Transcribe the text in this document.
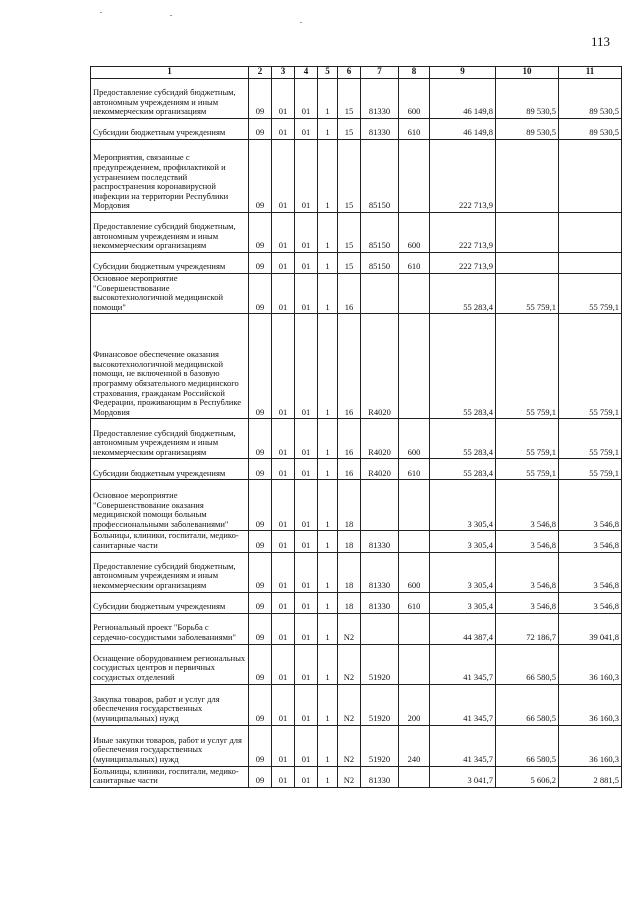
113
1	2	3	4	5	6	7	8	9	10	11
Предоставление субсидий бюджетным, автономным учреждениям и иным некоммерческим организациям	09	01	01	1	15	81330	600	46 149,8	89 530,5	89 530,5
Субсидии бюджетным учреждениям	09	01	01	1	15	81330	610	46 149,8	89 530,5	89 530,5
Мероприятия, связанные с предупреждением, профилактикой и устранением последствий распространения коронавирусной инфекции на территории Республики Мордовия	09	01	01	1	15	85150		222 713,9		
Предоставление субсидий бюджетным, автономным учреждениям и иным некоммерческим организациям	09	01	01	1	15	85150	600	222 713,9		
Субсидии бюджетным учреждениям	09	01	01	1	15	85150	610	222 713,9		
Основное мероприятие "Совершенствование высокотехнологичной медицинской помощи"	09	01	01	1	16			55 283,4	55 759,1	55 759,1
Финансовое обеспечение оказания высокотехнологичной медицинской помощи, не включенной в базовую программу обязательного медицинского страхования, гражданам Российской Федерации, проживающим в Республике Мордовия	09	01	01	1	16	R4020		55 283,4	55 759,1	55 759,1
Предоставление субсидий бюджетным, автономным учреждениям и иным некоммерческим организациям	09	01	01	1	16	R4020	600	55 283,4	55 759,1	55 759,1
Субсидии бюджетным учреждениям	09	01	01	1	16	R4020	610	55 283,4	55 759,1	55 759,1
Основное мероприятие "Совершенствование оказания медицинской помощи больным профессиональными заболеваниями"	09	01	01	1	18			3 305,4	3 546,8	3 546,8
Больницы, клиники, госпитали, медико-санитарные части	09	01	01	1	18	81330		3 305,4	3 546,8	3 546,8
Предоставление субсидий бюджетным, автономным учреждениям и иным некоммерческим организациям	09	01	01	1	18	81330	600	3 305,4	3 546,8	3 546,8
Субсидии бюджетным учреждениям	09	01	01	1	18	81330	610	3 305,4	3 546,8	3 546,8
Региональный проект "Борьба с сердечно-сосудистыми заболеваниями"	09	01	01	1	N2			44 387,4	72 186,7	39 041,8
Оснащение оборудованием региональных сосудистых центров и первичных сосудистых отделений	09	01	01	1	N2	51920		41 345,7	66 580,5	36 160,3
Закупка товаров, работ и услуг для обеспечения государственных (муниципальных) нужд	09	01	01	1	N2	51920	200	41 345,7	66 580,5	36 160,3
Иные закупки товаров, работ и услуг для обеспечения государственных (муниципальных) нужд	09	01	01	1	N2	51920	240	41 345,7	66 580,5	36 160,3
Больницы, клиники, госпитали, медико-санитарные части	09	01	01	1	N2	81330		3 041,7	5 606,2	2 881,5
